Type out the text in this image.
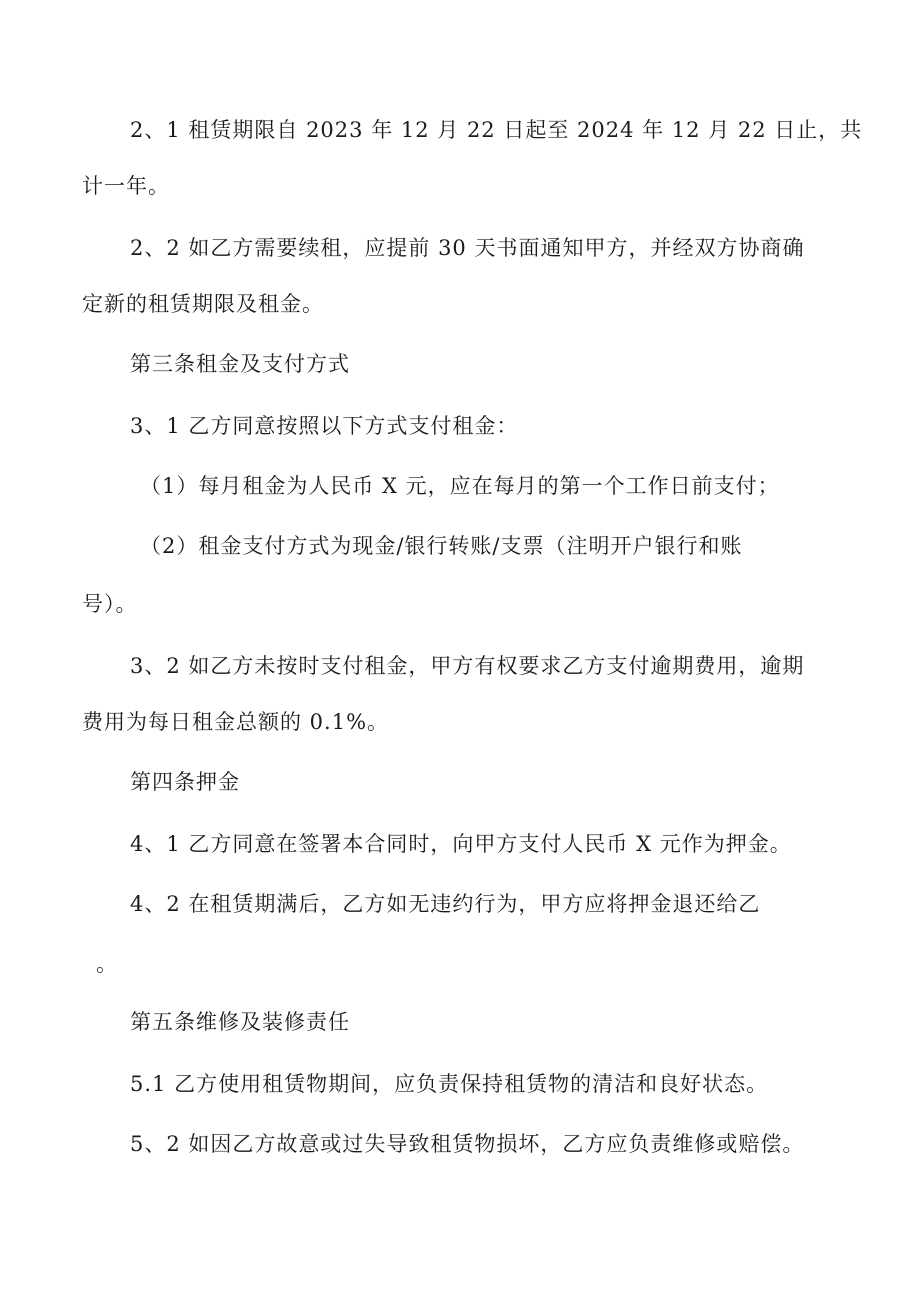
2、1 租赁期限自 2023 年 12 月 22 日起至 2024 年 12 月 22 日止，共
计一年。
2、2 如乙方需要续租，应提前 30 天书面通知甲方，并经双方协商确
定新的租赁期限及租金。
第三条租金及支付方式
3、1 乙方同意按照以下方式支付租金：
（1）每月租金为人民币 X 元，应在每月的第一个工作日前支付；
（2）租金支付方式为现金/银行转账/支票（注明开户银行和账
号）。
3、2 如乙方未按时支付租金，甲方有权要求乙方支付逾期费用，逾期
费用为每日租金总额的 0.1%。
第四条押金
4、1 乙方同意在签署本合同时，向甲方支付人民币 X 元作为押金。
4、2 在租赁期满后，乙方如无违约行为，甲方应将押金退还给乙
。
第五条维修及装修责任
5.1 乙方使用租赁物期间，应负责保持租赁物的清洁和良好状态。
5、2 如因乙方故意或过失导致租赁物损坏，乙方应负责维修或赔偿。
